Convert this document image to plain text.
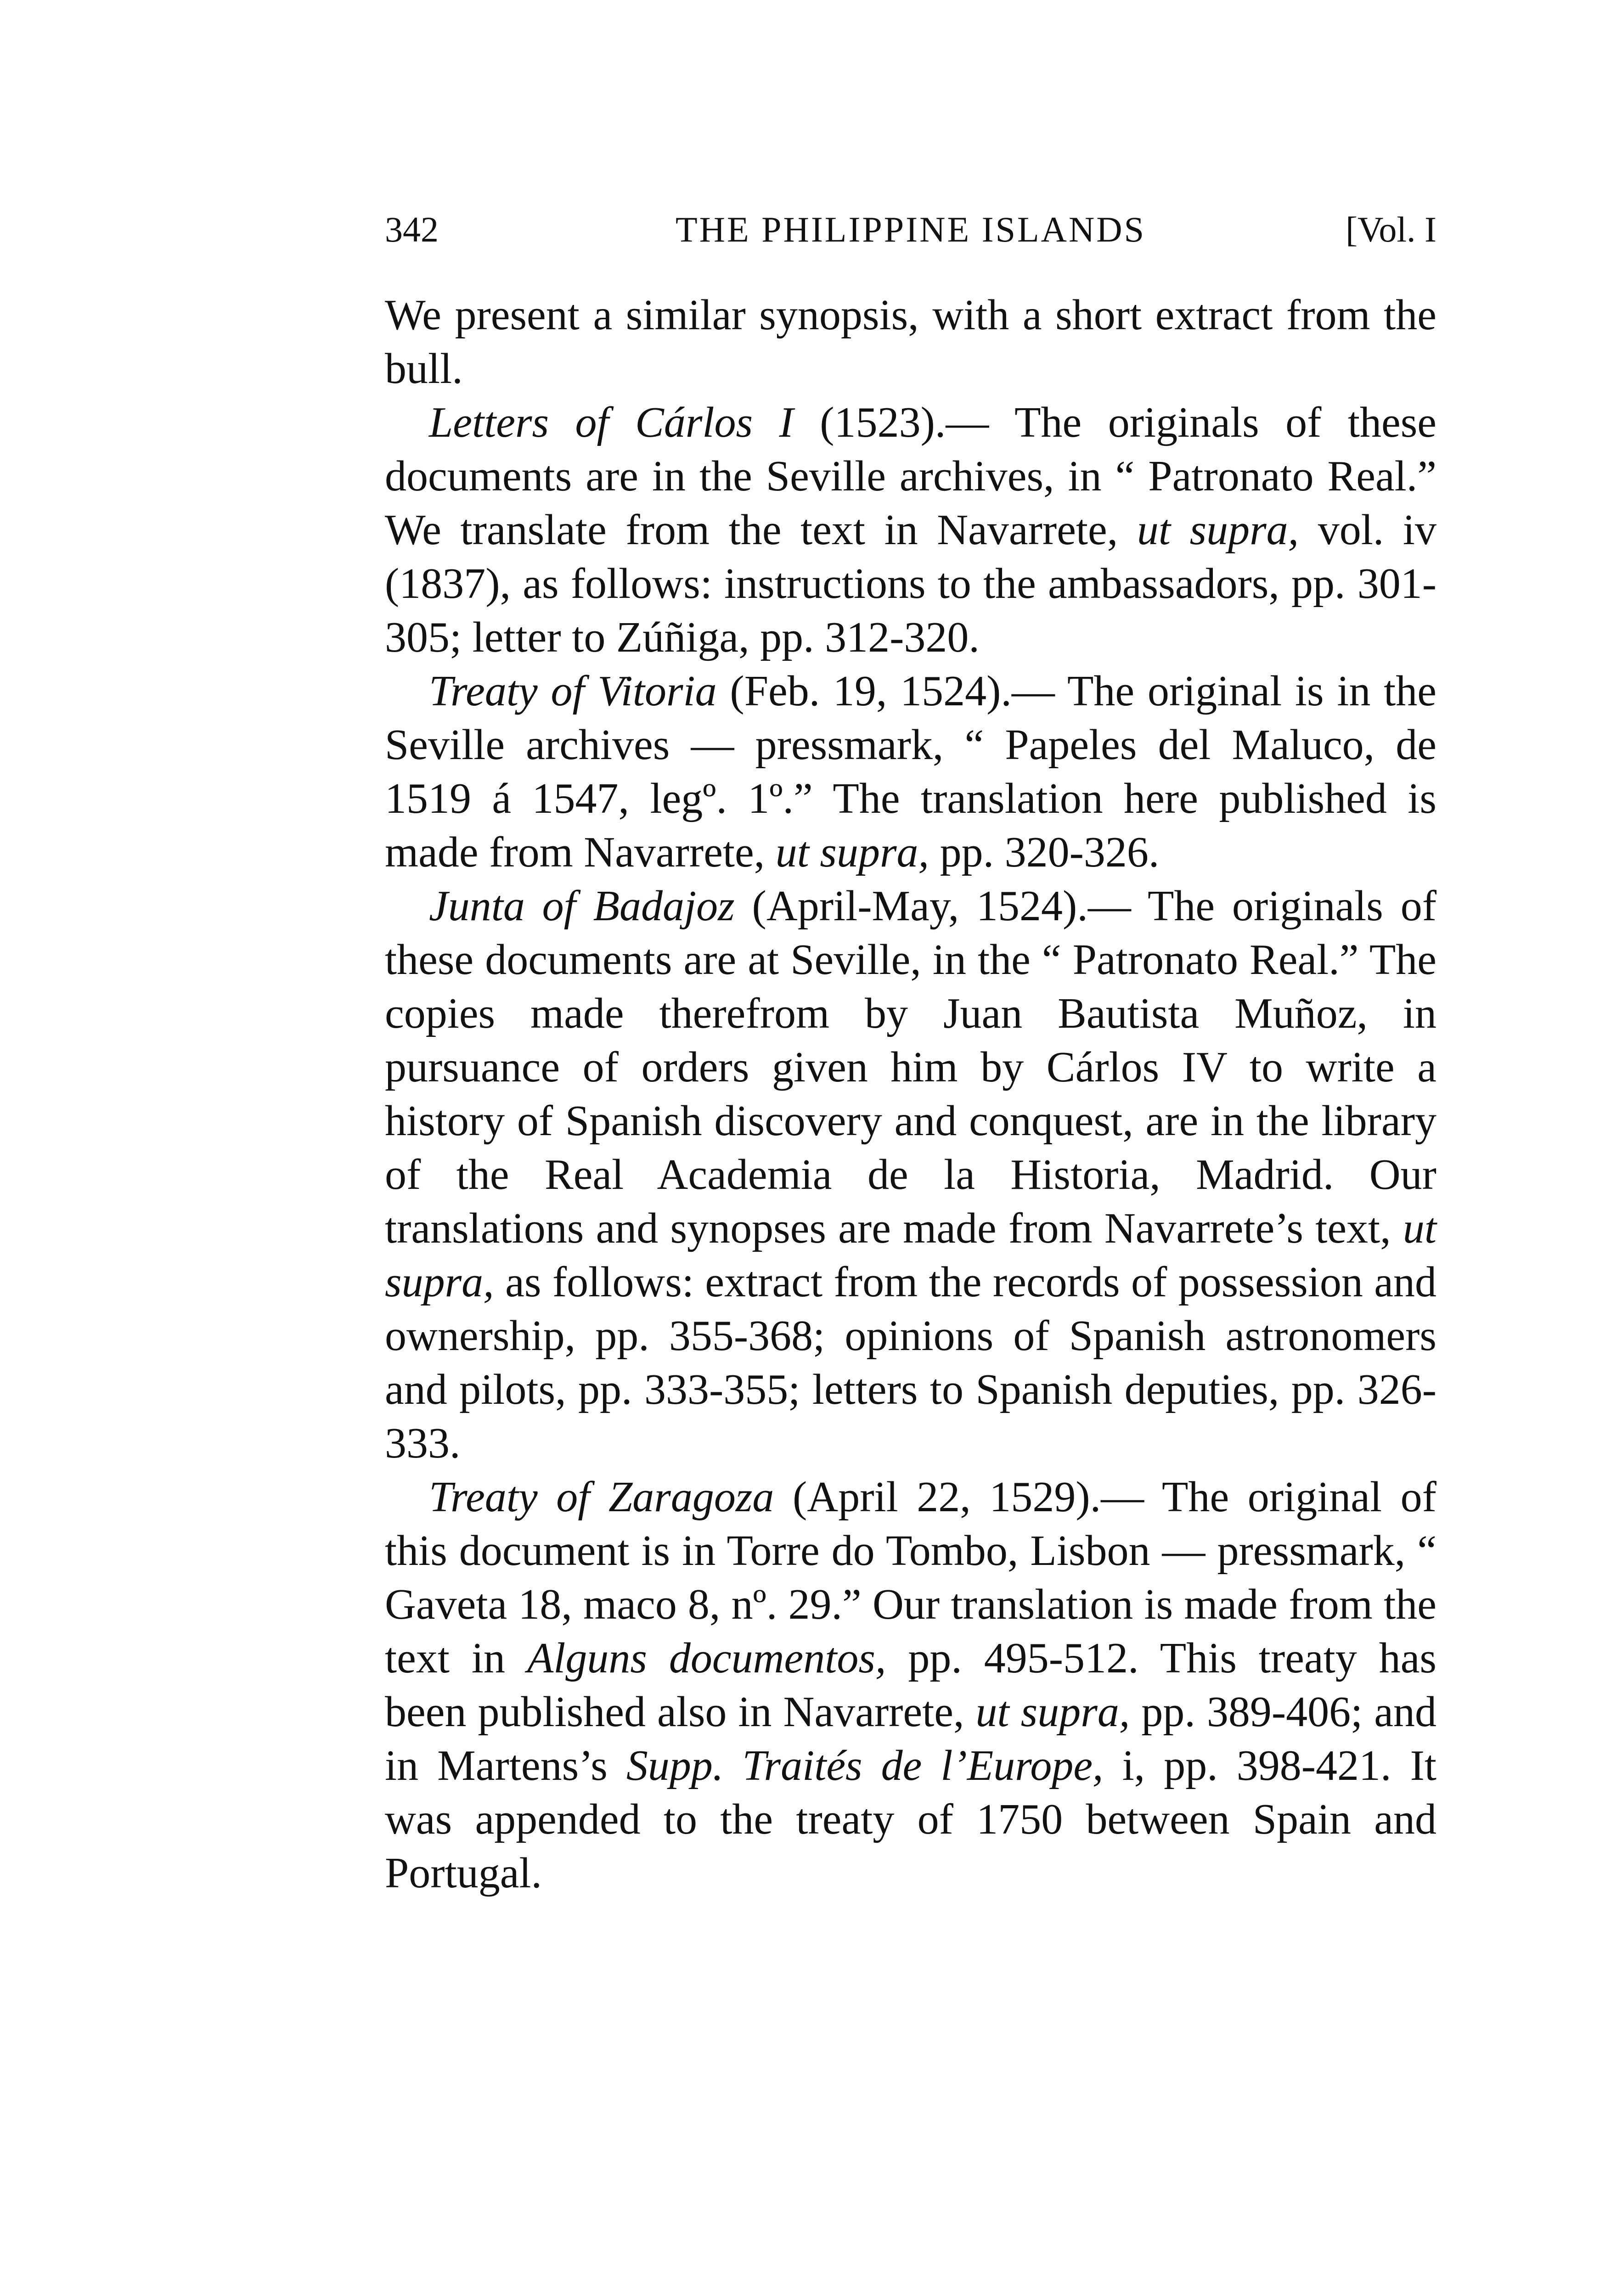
342	THE PHILIPPINE ISLANDS	[Vol. I

We present a similar synopsis, with a short extract from the bull.

Letters of Cárlos I (1523).— The originals of these documents are in the Seville archives, in “ Patronato Real.” We translate from the text in Navarrete, ut supra, vol. iv (1837), as follows: instructions to the ambassadors, pp. 301-305; letter to Zúñiga, pp. 312-320.

Treaty of Vitoria (Feb. 19, 1524).— The original is in the Seville archives — pressmark, “ Papeles del Maluco, de 1519 á 1547, legº. 1º.” The translation here published is made from Navarrete, ut supra, pp. 320-326.

Junta of Badajoz (April-May, 1524).— The originals of these documents are at Seville, in the “ Patronato Real.” The copies made therefrom by Juan Bautista Muñoz, in pursuance of orders given him by Cárlos IV to write a history of Spanish discovery and conquest, are in the library of the Real Academia de la Historia, Madrid. Our translations and synopses are made from Navarrete’s text, ut supra, as follows: extract from the records of possession and ownership, pp. 355-368; opinions of Spanish astronomers and pilots, pp. 333-355; letters to Spanish deputies, pp. 326-333.

Treaty of Zaragoza (April 22, 1529).— The original of this document is in Torre do Tombo, Lisbon — pressmark, “ Gaveta 18, maco 8, nº. 29.” Our translation is made from the text in Alguns documentos, pp. 495-512. This treaty has been published also in Navarrete, ut supra, pp. 389-406; and in Martens’s Supp. Traités de l’Europe, i, pp. 398-421. It was appended to the treaty of 1750 between Spain and Portugal.
